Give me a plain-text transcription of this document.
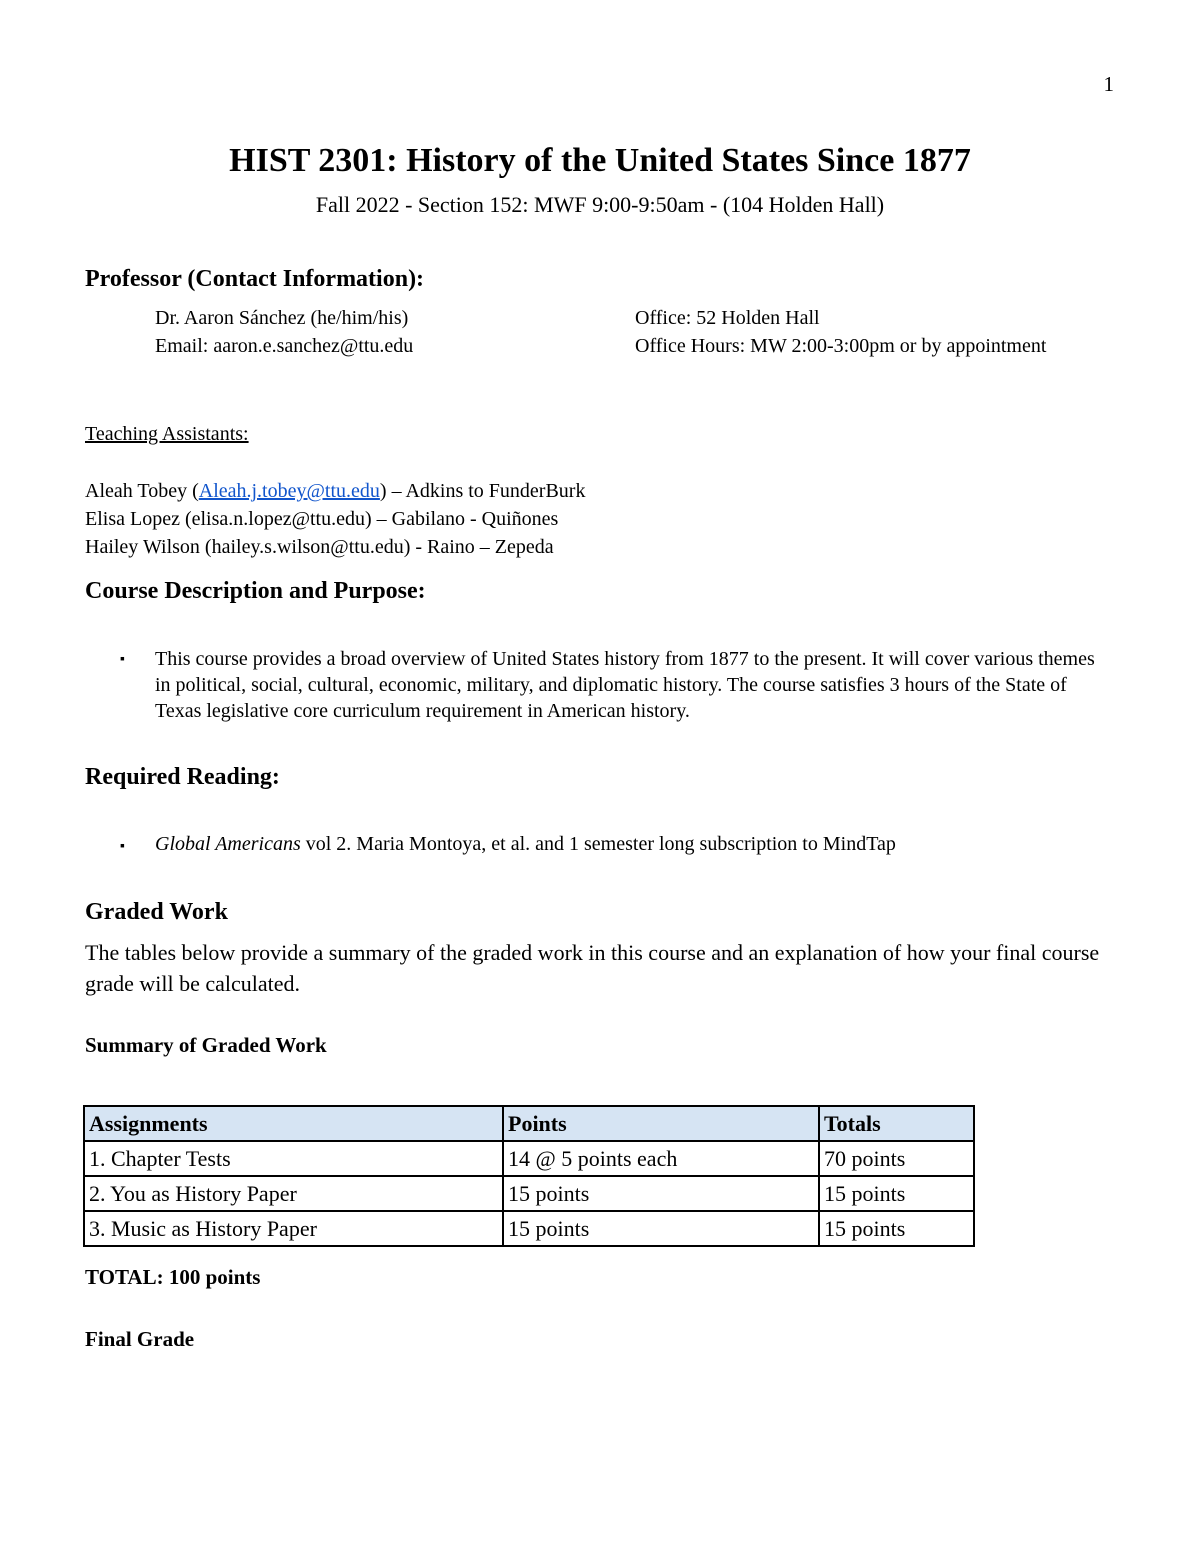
1
HIST 2301: History of the United States Since 1877
Fall 2022 - Section 152: MWF 9:00-9:50am - (104 Holden Hall)
Professor (Contact Information):
Dr. Aaron Sánchez (he/him/his)
Email: aaron.e.sanchez@ttu.edu
Office: 52 Holden Hall
Office Hours: MW 2:00-3:00pm or by appointment
Teaching Assistants:
Aleah Tobey (Aleah.j.tobey@ttu.edu) – Adkins to FunderBurk
Elisa Lopez (elisa.n.lopez@ttu.edu) – Gabilano - Quiñones
Hailey Wilson (hailey.s.wilson@ttu.edu) - Raino – Zepeda
Course Description and Purpose:
▪ This course provides a broad overview of United States history from 1877 to the present. It will cover various themes in political, social, cultural, economic, military, and diplomatic history. The course satisfies 3 hours of the State of Texas legislative core curriculum requirement in American history.
Required Reading:
▪ Global Americans vol 2. Maria Montoya, et al. and 1 semester long subscription to MindTap
Graded Work
The tables below provide a summary of the graded work in this course and an explanation of how your final course grade will be calculated.
Summary of Graded Work
Assignments	Points	Totals
1. Chapter Tests	14 @ 5 points each	70 points
2. You as History Paper	15 points	15 points
3. Music as History Paper	15 points	15 points
TOTAL: 100 points
Final Grade
